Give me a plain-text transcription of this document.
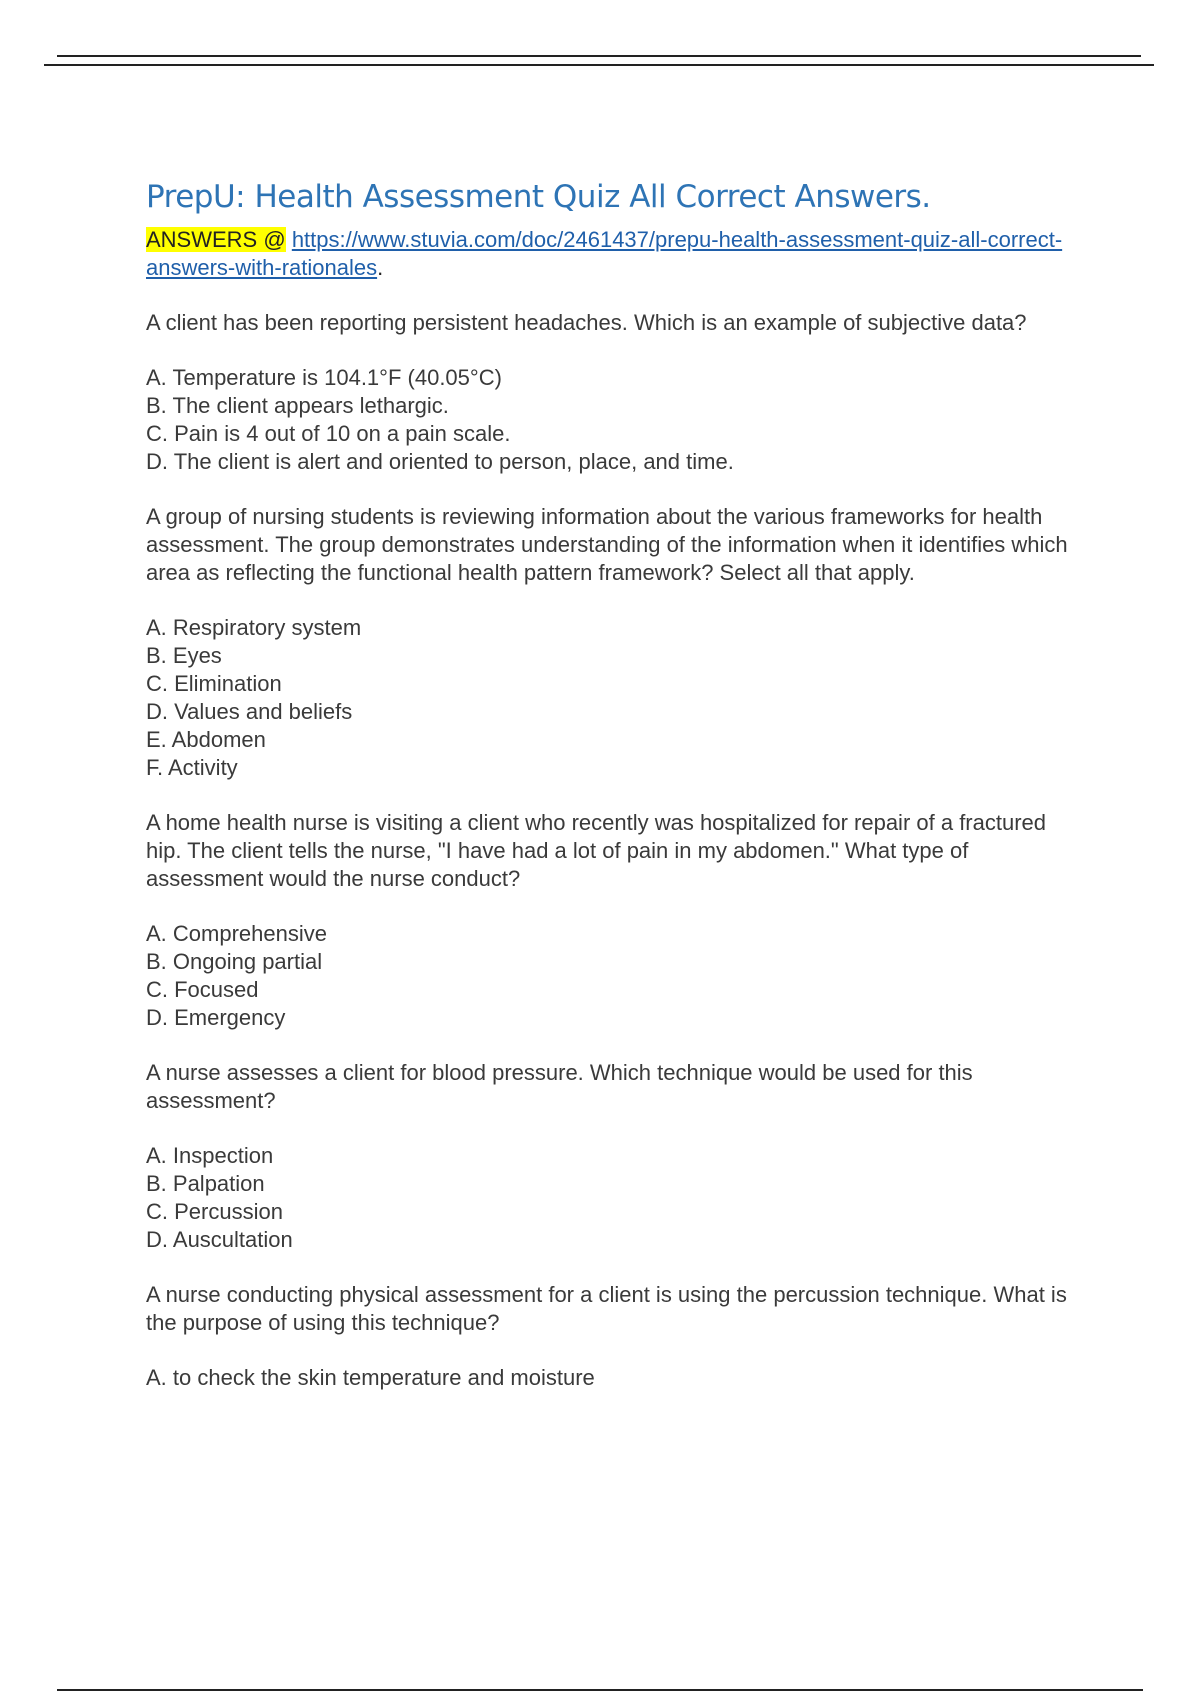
PrepU: Health Assessment Quiz All Correct Answers.

ANSWERS @ https://www.stuvia.com/doc/2461437/prepu-health-assessment-quiz-all-correct-answers-with-rationales.

A client has been reporting persistent headaches. Which is an example of subjective data?

A. Temperature is 104.1°F (40.05°C)
B. The client appears lethargic.
C. Pain is 4 out of 10 on a pain scale.
D. The client is alert and oriented to person, place, and time.

A group of nursing students is reviewing information about the various frameworks for health assessment. The group demonstrates understanding of the information when it identifies which area as reflecting the functional health pattern framework? Select all that apply.

A. Respiratory system
B. Eyes
C. Elimination
D. Values and beliefs
E. Abdomen
F. Activity

A home health nurse is visiting a client who recently was hospitalized for repair of a fractured hip. The client tells the nurse, "I have had a lot of pain in my abdomen." What type of assessment would the nurse conduct?

A. Comprehensive
B. Ongoing partial
C. Focused
D. Emergency

A nurse assesses a client for blood pressure. Which technique would be used for this assessment?

A. Inspection
B. Palpation
C. Percussion
D. Auscultation

A nurse conducting physical assessment for a client is using the percussion technique. What is the purpose of using this technique?

A. to check the skin temperature and moisture
